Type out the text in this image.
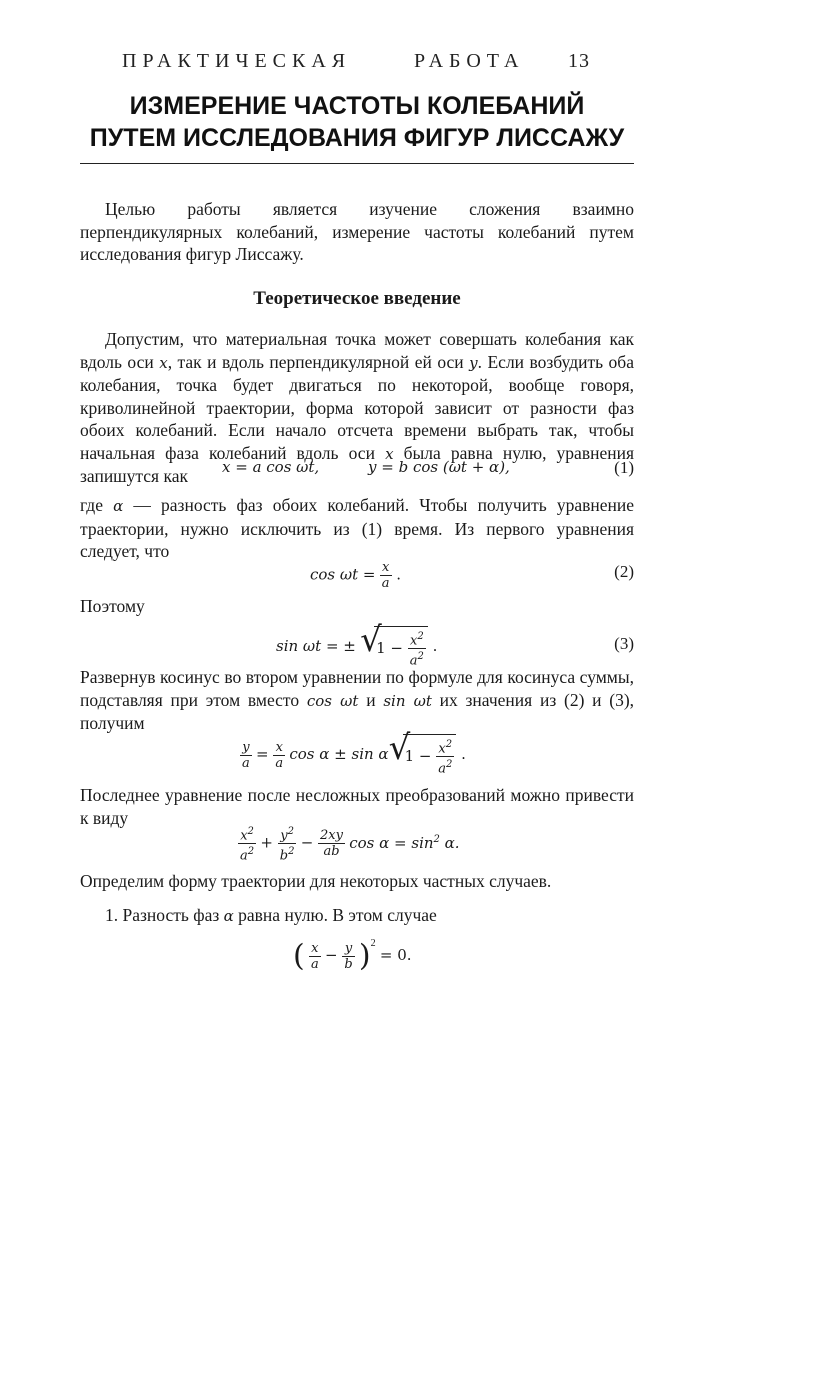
ПРАКТИЧЕСКАЯ	РАБОТА 13
ИЗМЕРЕНИЕ ЧАСТОТЫ КОЛЕБАНИЙ
ПУТЕМ ИССЛЕДОВАНИЯ ФИГУР ЛИССАЖУ
Целью работы является изучение сложения взаимно перпендикулярных колебаний, измерение частоты колебаний путем исследования фигур Лиссажу.
Теоретическое введение
Допустим, что материальная точка может совершать колебания как вдоль оси x, так и вдоль перпендикулярной ей оси y. Если возбудить оба колебания, точка будет двигаться по некоторой, вообще говоря, криволинейной траектории, форма которой зависит от разности фаз обоих колебаний. Если начало отсчета времени выбрать так, чтобы начальная фаза колебаний вдоль оси x была равна нулю, уравнения запишутся как	x = a cos ωt,	y = b cos (ωt + α),	(1)
где α — разность фаз обоих колебаний. Чтобы получить уравнение траектории, нужно исключить из (1) время. Из первого уравнения следует, что
$\cos \omega t = \frac{x}{a}$ .	(2)
Поэтому
sin ωt = ± √
$1 - \frac{x^2}{a^2}$ .	(3)
Развернув косинус во втором уравнении по формуле для косинуса суммы, подставляя при этом вместо cos ωt и sin ωt их значения из (2) и (3), получим
$\frac{y}{a} = \frac{x}{a}$ cos α ± sin α √
$1 - \frac{x^2}{a^2}$ .
Последнее уравнение после несложных преобразований можно привести к виду
$\frac{x^2}{a^2} + \frac{y^2}{b^2} - \frac{2xy}{ab}$ $\cos \alpha = \sin^2 \alpha$.
Определим форму траектории для некоторых частных случаев.
1. Разность фаз α равна нулю. В этом случае
( $\frac{x}{a} - \frac{y}{b} )^2 = 0$.
